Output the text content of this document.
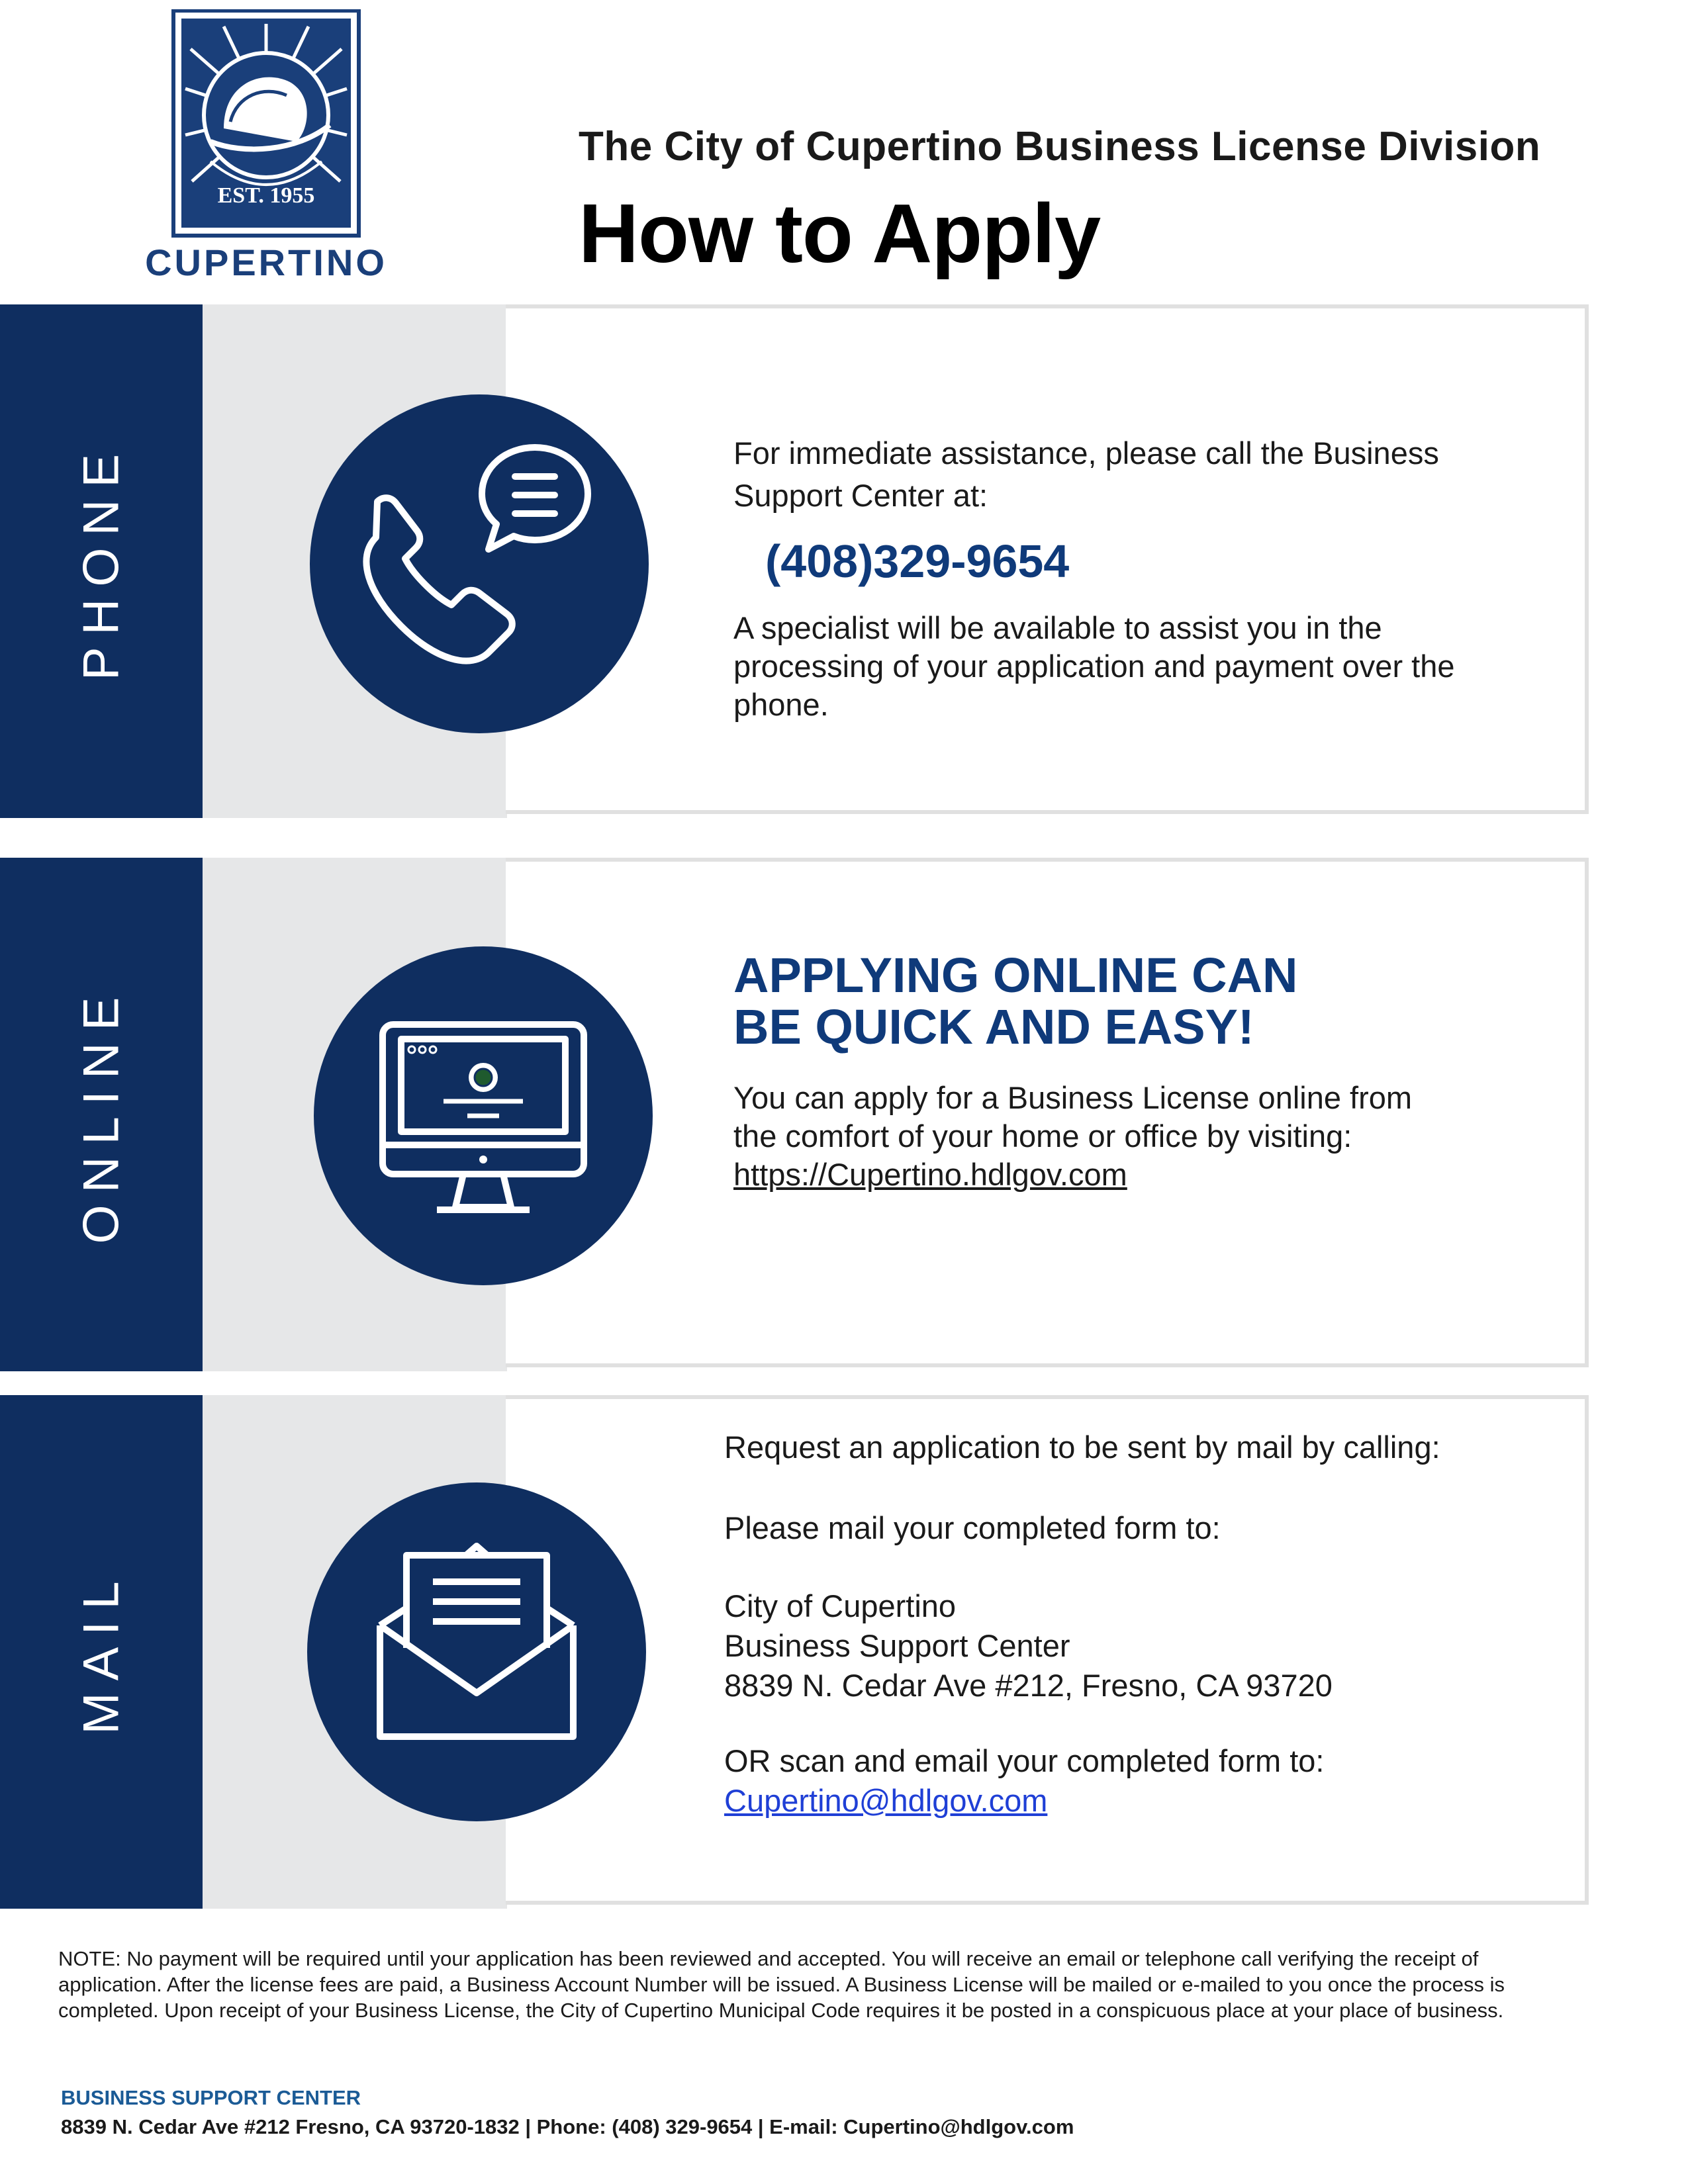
EST. 1955
CUPERTINO
The City of Cupertino Business License Division
How to Apply
PHONE	For immediate assistance, please call the Business
Support Center at:
(408)329-9654
A specialist will be available to assist you in the
processing of your application and payment over the
phone.
ONLINE
APPLYING ONLINE CAN
BE QUICK AND EASY!
You can apply for a Business License online from
the comfort of your home or office by visiting:
https://Cupertino.hdlgov.com
MAIL
Request an application to be sent by mail by calling:
Please mail your completed form to:
City of Cupertino
Business Support Center
8839 N. Cedar Ave #212, Fresno, CA 93720
OR scan and email your completed form to:
Cupertino@hdlgov.com
NOTE: No payment will be required until your application has been reviewed and accepted. You will receive an email or telephone call verifying the receipt of
application. After the license fees are paid, a Business Account Number will be issued. A Business License will be mailed or e-mailed to you once the process is
completed. Upon receipt of your Business License, the City of Cupertino Municipal Code requires it be posted in a conspicuous place at your place of business.
BUSINESS SUPPORT CENTER
8839 N. Cedar Ave #212 Fresno, CA 93720-1832 | Phone: (408) 329-9654 | E-mail: Cupertino@hdlgov.com
